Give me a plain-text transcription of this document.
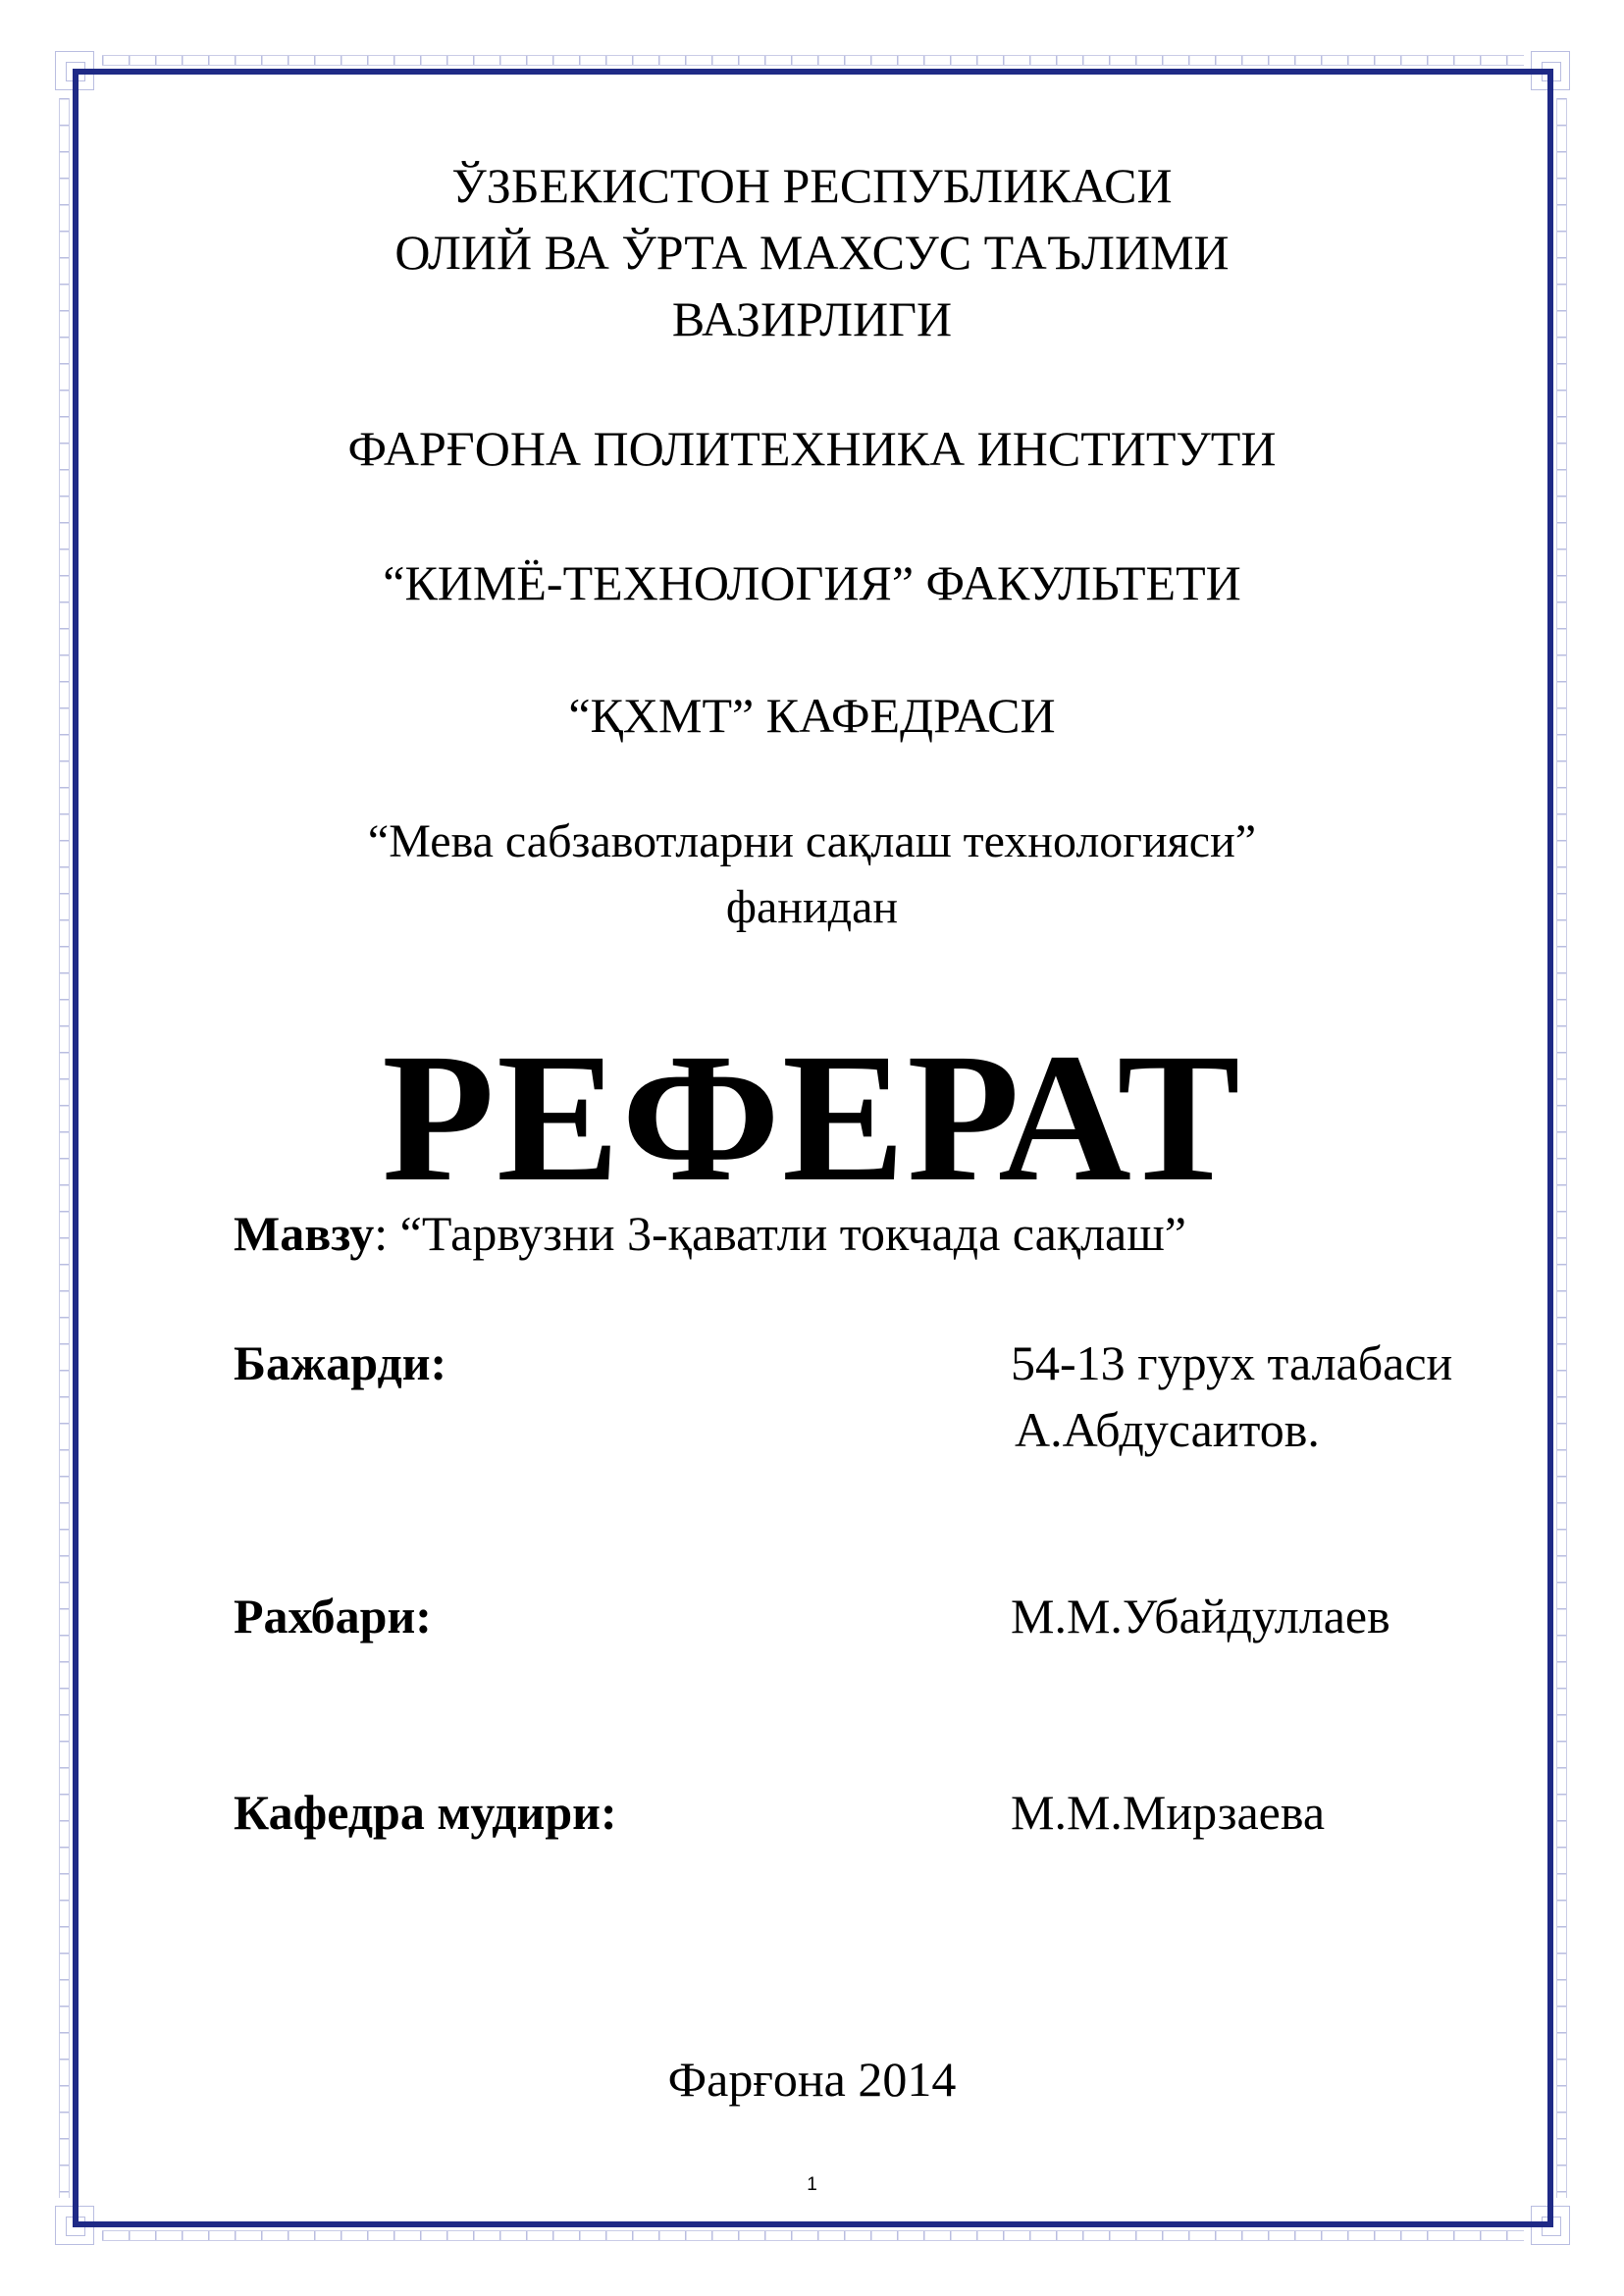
ЎЗБЕКИСТОН РЕСПУБЛИКАСИ
ОЛИЙ ВА ЎРТА МАХСУС ТАЪЛИМИ
ВАЗИРЛИГИ
ФАРҒОНА ПОЛИТЕХНИКА ИНСТИТУТИ
“КИМЁ-ТЕХНОЛОГИЯ” ФАКУЛЬТЕТИ
“ҚХМТ” КАФЕДРАСИ
“Мева сабзавотларни сақлаш технологияси”
фанидан
РЕФЕРАТ
Мавзу: “Тарвузни 3-қаватли токчада сақлаш”
Бажарди:	54-13 гурух талабаси
А.Абдусаитов.
Рахбари:	М.М.Убайдуллаев
Кафедра мудири:	М.М.Мирзаева
Фарғона 2014
1
